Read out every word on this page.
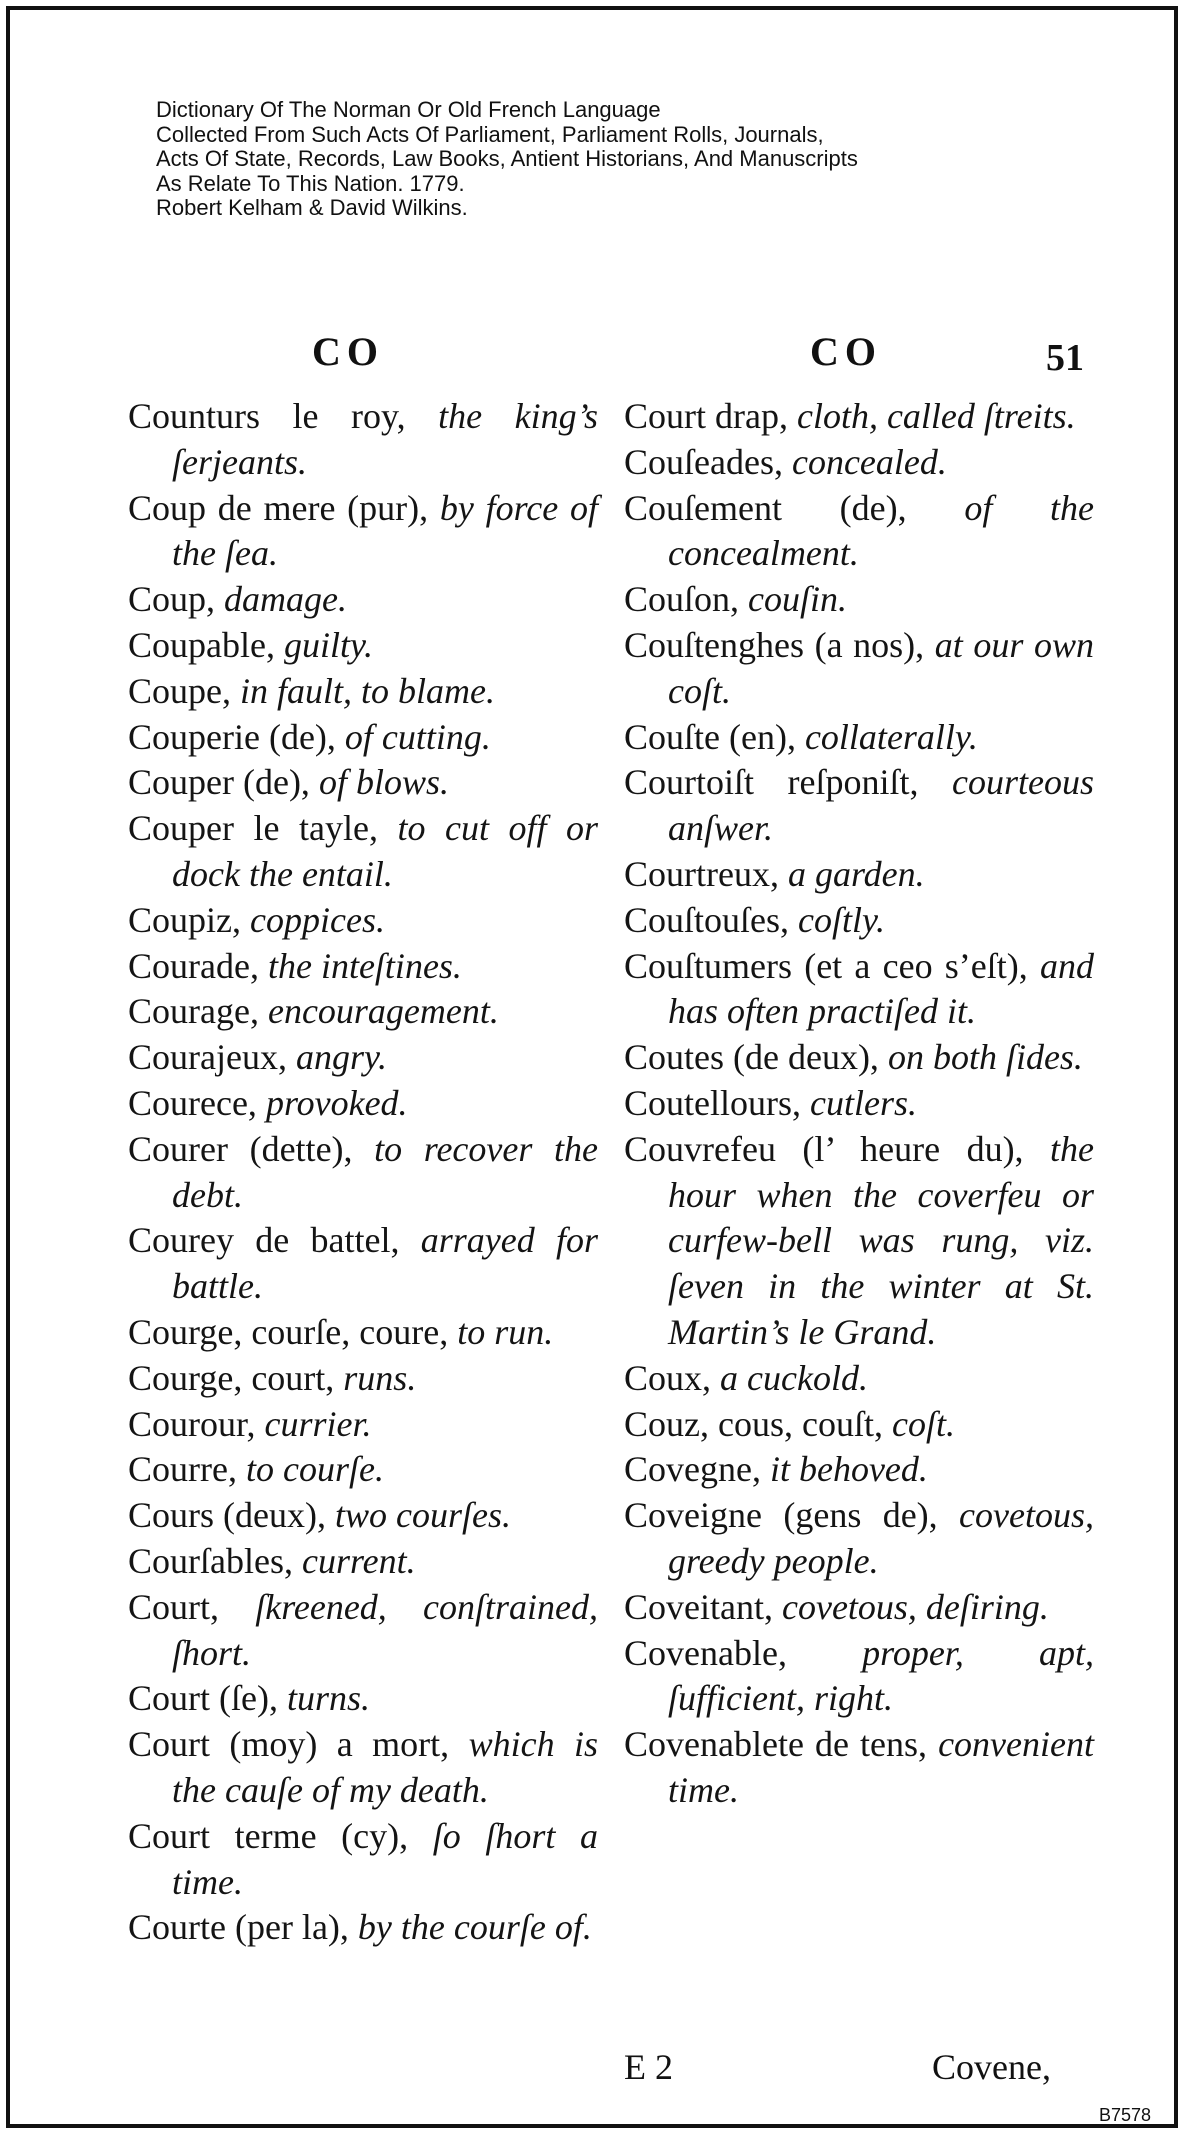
Dictionary Of The Norman Or Old French Language
Collected From Such Acts Of Parliament, Parliament Rolls, Journals,
Acts Of State, Records, Law Books, Antient Historians, And Manuscripts
As Relate To This Nation. 1779.
Robert Kelham & David Wilkins.
CO	CO	51
Counturs le roy, the king’s ſerjeants.
Coup de mere (pur), by force of the ſea.
Coup, damage.
Coupable, guilty.
Coupe, in fault, to blame.
Couperie (de), of cutting.
Couper (de), of blows.
Couper le tayle, to cut off or dock the entail.
Coupiz, coppices.
Courade, the inteſtines.
Courage, encouragement.
Courajeux, angry.
Courece, provoked.
Courer (dette), to recover the debt.
Courey de battel, arrayed for battle.
Courge, courſe, coure, to run.
Courge, court, runs.
Courour, currier.
Courre, to courſe.
Cours (deux), two courſes.
Courſables, current.
Court, ſkreened, conſtrained, ſhort.
Court (ſe), turns.
Court (moy) a mort, which is the cauſe of my death.
Court terme (cy), ſo ſhort a time.
Courte (per la), by the courſe of.
Court drap, cloth, called ſtreits.
Couſeades, concealed.
Couſement (de), of the concealment.
Couſon, couſin.
Couſtenghes (a nos), at our own coſt.
Couſte (en), collaterally.
Courtoiſt reſponiſt, courteous anſwer.
Courtreux, a garden.
Couſtouſes, coſtly.
Couſtumers (et a ceo s’eſt), and has often practiſed it.
Coutes (de deux), on both ſides.
Coutellours, cutlers.
Couvrefeu (l’ heure du), the hour when the coverfeu or curfew-bell was rung, viz. ſeven in the winter at St. Martin’s le Grand.
Coux, a cuckold.
Couz, cous, couſt, coſt.
Covegne, it behoved.
Coveigne (gens de), covetous, greedy people.
Coveitant, covetous, deſiring.
Covenable, proper, apt, ſufficient, right.
Covenablete de tens, convenient time.
E 2	Covene,
B7578
